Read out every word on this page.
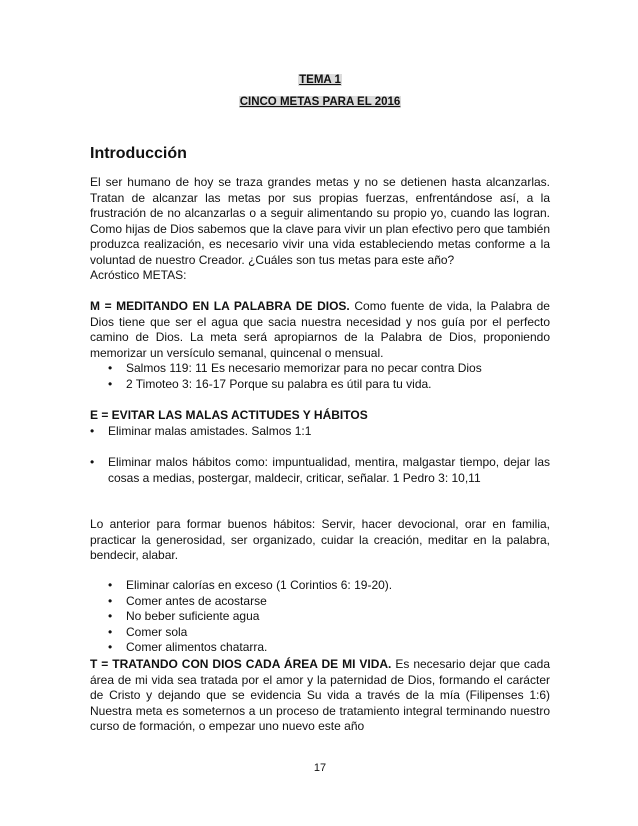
TEMA 1
CINCO METAS PARA EL 2016
Introducción
El ser humano de hoy se traza grandes metas y no se detienen hasta alcanzarlas. Tratan de alcanzar las metas por sus propias fuerzas, enfrentándose así, a la frustración de no alcanzarlas o a seguir alimentando su propio yo, cuando las logran. Como hijas de Dios sabemos que la clave para vivir un plan efectivo pero que también produzca realización, es necesario vivir una vida estableciendo metas conforme a la voluntad de nuestro Creador. ¿Cuáles son tus metas para este año?
Acróstico METAS:
M = MEDITANDO EN LA PALABRA DE DIOS. Como fuente de vida, la Palabra de Dios tiene que ser el agua que sacia nuestra necesidad y nos guía por el perfecto camino de Dios. La meta será apropiarnos de la Palabra de Dios, proponiendo memorizar un versículo semanal, quincenal o mensual.
• Salmos 119: 11 Es necesario memorizar para no pecar contra Dios
• 2 Timoteo 3: 16-17 Porque su palabra es útil para tu vida.
E = EVITAR LAS MALAS ACTITUDES Y HÁBITOS
• Eliminar malas amistades. Salmos 1:1
• Eliminar malos hábitos como: impuntualidad, mentira, malgastar tiempo, dejar las cosas a medias, postergar, maldecir, criticar, señalar. 1 Pedro 3: 10,11
Lo anterior para formar buenos hábitos: Servir, hacer devocional, orar en familia, practicar la generosidad, ser organizado, cuidar la creación, meditar en la palabra, bendecir, alabar.
• Eliminar calorías en exceso (1 Corintios 6: 19-20).
• Comer antes de acostarse
• No beber suficiente agua
• Comer sola
• Comer alimentos chatarra.
T = TRATANDO CON DIOS CADA ÁREA DE MI VIDA. Es necesario dejar que cada área de mi vida sea tratada por el amor y la paternidad de Dios, formando el carácter de Cristo y dejando que se evidencia Su vida a través de la mía (Filipenses 1:6) Nuestra meta es someternos a un proceso de tratamiento integral terminando nuestro curso de formación, o empezar uno nuevo este año
17
